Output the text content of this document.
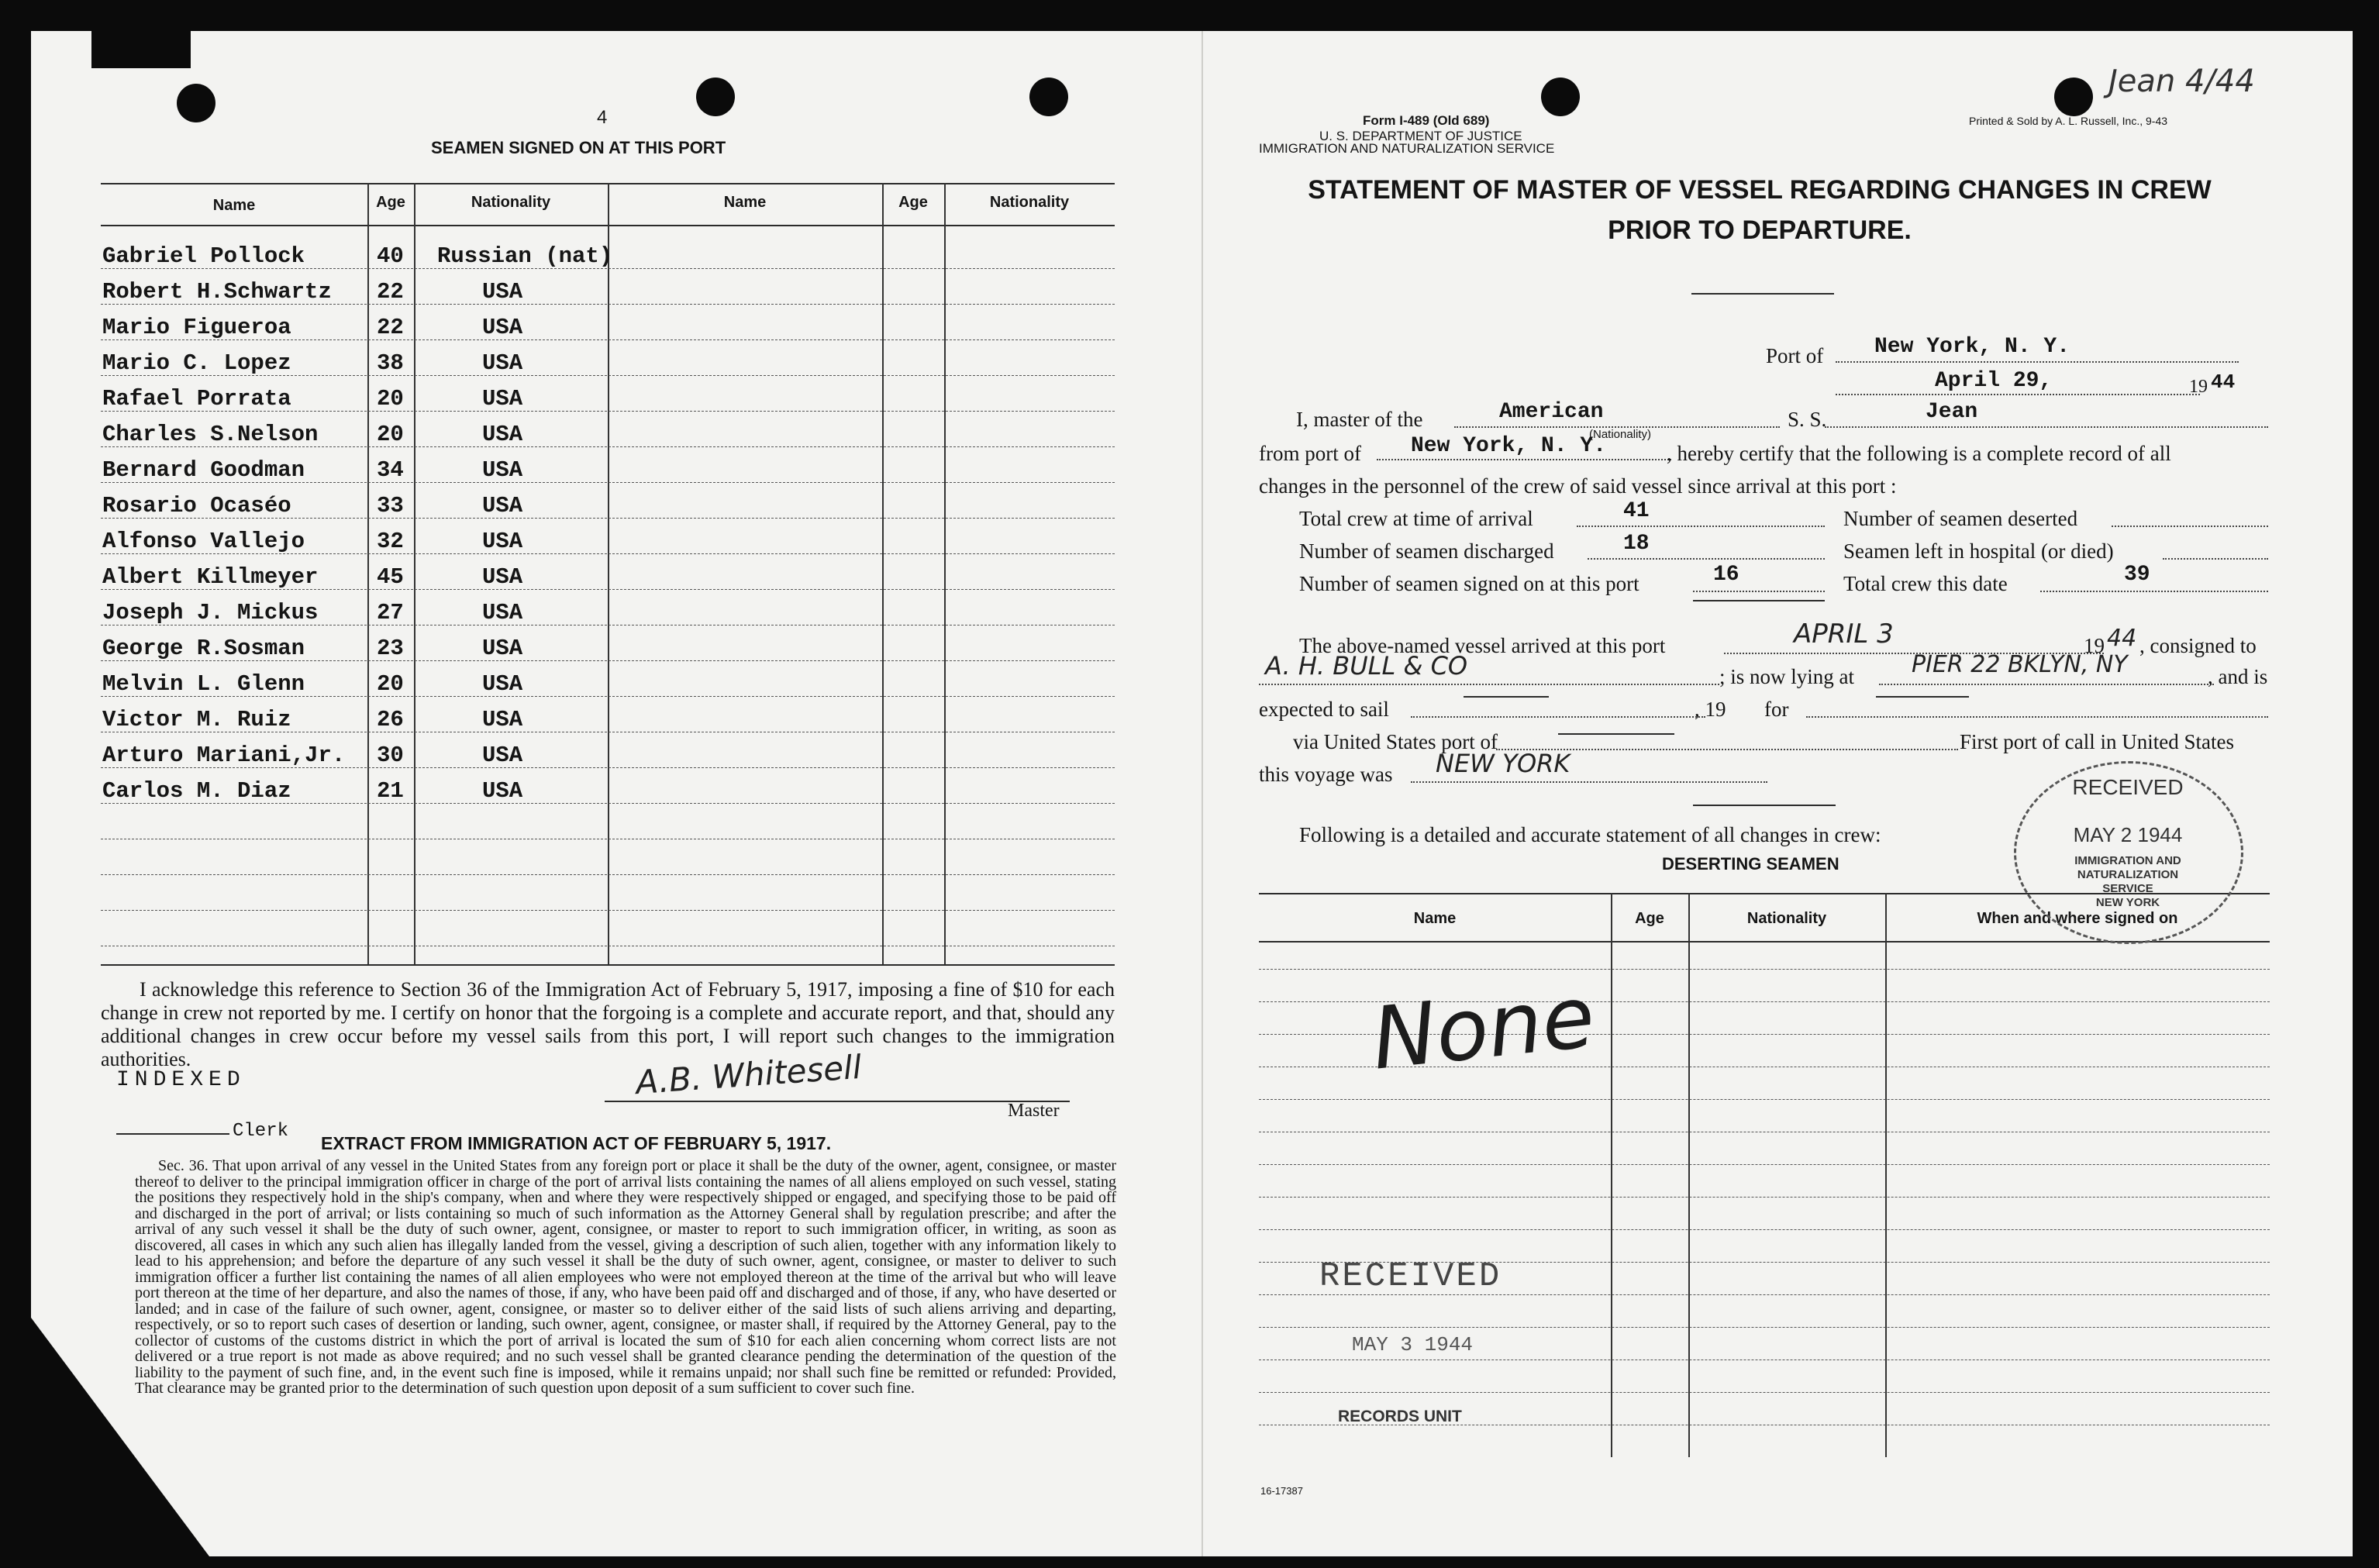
4
SEAMEN SIGNED ON AT THIS PORT
Name	Age	Nationality	Name	Age	Nationality
Gabriel Pollock	40 Russian (nat)
Robert H.Schwartz 22	USA
Mario Figueroa	22	USA
Mario C. Lopez	38	USA
Rafael Porrata	20	USA
Charles S.Nelson	20	USA
Bernard Goodman	34	USA
Rosario Ocaséo	33	USA
Alfonso Vallejo	32	USA
Albert Killmeyer	45	USA
Joseph J. Mickus	27	USA
George R.Sosman	23	USA
Melvin L. Glenn	20	USA
Victor M. Ruiz	26	USA
Arturo Mariani,Jr. 30	USA
Carlos M. Diaz	21	USA
I acknowledge this reference to Section 36 of the Immigration Act of February 5, 1917, imposing a fine of $10 for each change in crew not reported by me. I certify on honor that the forgoing is a complete and accurate report, and that, should any additional changes in crew occur before my vessel sails from this port, I will report such changes to the immigration authorities.
INDEXED	A.B. Whitesell
Master
Clerk
EXTRACT FROM IMMIGRATION ACT OF FEBRUARY 5, 1917.
Sec. 36. That upon arrival of any vessel in the United States from any foreign port or place it shall be the duty of the owner, agent, consignee, or master thereof to deliver to the principal immigration officer in charge of the port of arrival lists containing the names of all aliens employed on such vessel, stating the positions they respectively hold in the ship's company, when and where they were respectively shipped or engaged, and specifying those to be paid off and discharged in the port of arrival; or lists containing so much of such information as the Attorney General shall by regulation prescribe; and after the arrival of any such vessel it shall be the duty of such owner, agent, consignee, or master to report to such immigration officer, in writing, as soon as discovered, all cases in which any such alien has illegally landed from the vessel, giving a description of such alien, together with any information likely to lead to his apprehension; and before the departure of any such vessel it shall be the duty of such owner, agent, consignee, or master to deliver to such immigration officer a further list containing the names of all alien employees who were not employed thereon at the time of the arrival but who will leave port thereon at the time of her departure, and also the names of those, if any, who have been paid off and discharged and of those, if any, who have deserted or landed; and in case of the failure of such owner, agent, consignee, or master so to deliver either of the said lists of such aliens arriving and departing, respectively, or so to report such cases of desertion or landing, such owner, agent, consignee, or master shall, if required by the Attorney General, pay to the collector of customs of the customs district in which the port of arrival is located the sum of $10 for each alien concerning whom correct lists are not delivered or a true report is not made as above required; and no such vessel shall be granted clearance pending the determination of the question of the liability to the payment of such fine, and, in the event such fine is imposed, while it remains unpaid; nor shall such fine be remitted or refunded: Provided, That clearance may be granted prior to the determination of such question upon deposit of a sum sufficient to cover such fine.
Form I-489 (Old 689)	Printed & Sold by A. L. Russell, Inc., 9-43
Jean 4/44
U. S. DEPARTMENT OF JUSTICE
IMMIGRATION AND NATURALIZATION SERVICE
STATEMENT OF MASTER OF VESSEL REGARDING CHANGES IN CREW
PRIOR TO DEPARTURE.
Port of New York, N. Y.
April 29,	19 44
I, master of the	American
(Nationality)
S. S.	Jean
from port of New York, N. Y.	, hereby certify that the following is a complete record of all
changes in the personnel of the crew of said vessel since arrival at this port :
Total crew at time of arrival	41	Number of seamen deserted
Number of seamen discharged	18	Seamen left in hospital (or died)
Number of seamen signed on at this port	16	Total crew this date	39
The above-named vessel arrived at this port	APRIL 3	19 44 , consigned to
A. H. BULL & CO	; is now lying at PIER 22 BKLYN, NY	, and is
expected to sail	, 19 for
via United States port of	First port of call in United States
this voyage was NEW YORK
Following is a detailed and accurate statement of all changes in crew:
DESERTING SEAMEN
Name	Age	Nationality	When and where signed on
None
RECEIVED
MAY 2 1944
IMMIGRATION AND
NATURALIZATION
SERVICE
NEW YORK
RECEIVED
MAY 3 1944
RECORDS UNIT
16-17387
